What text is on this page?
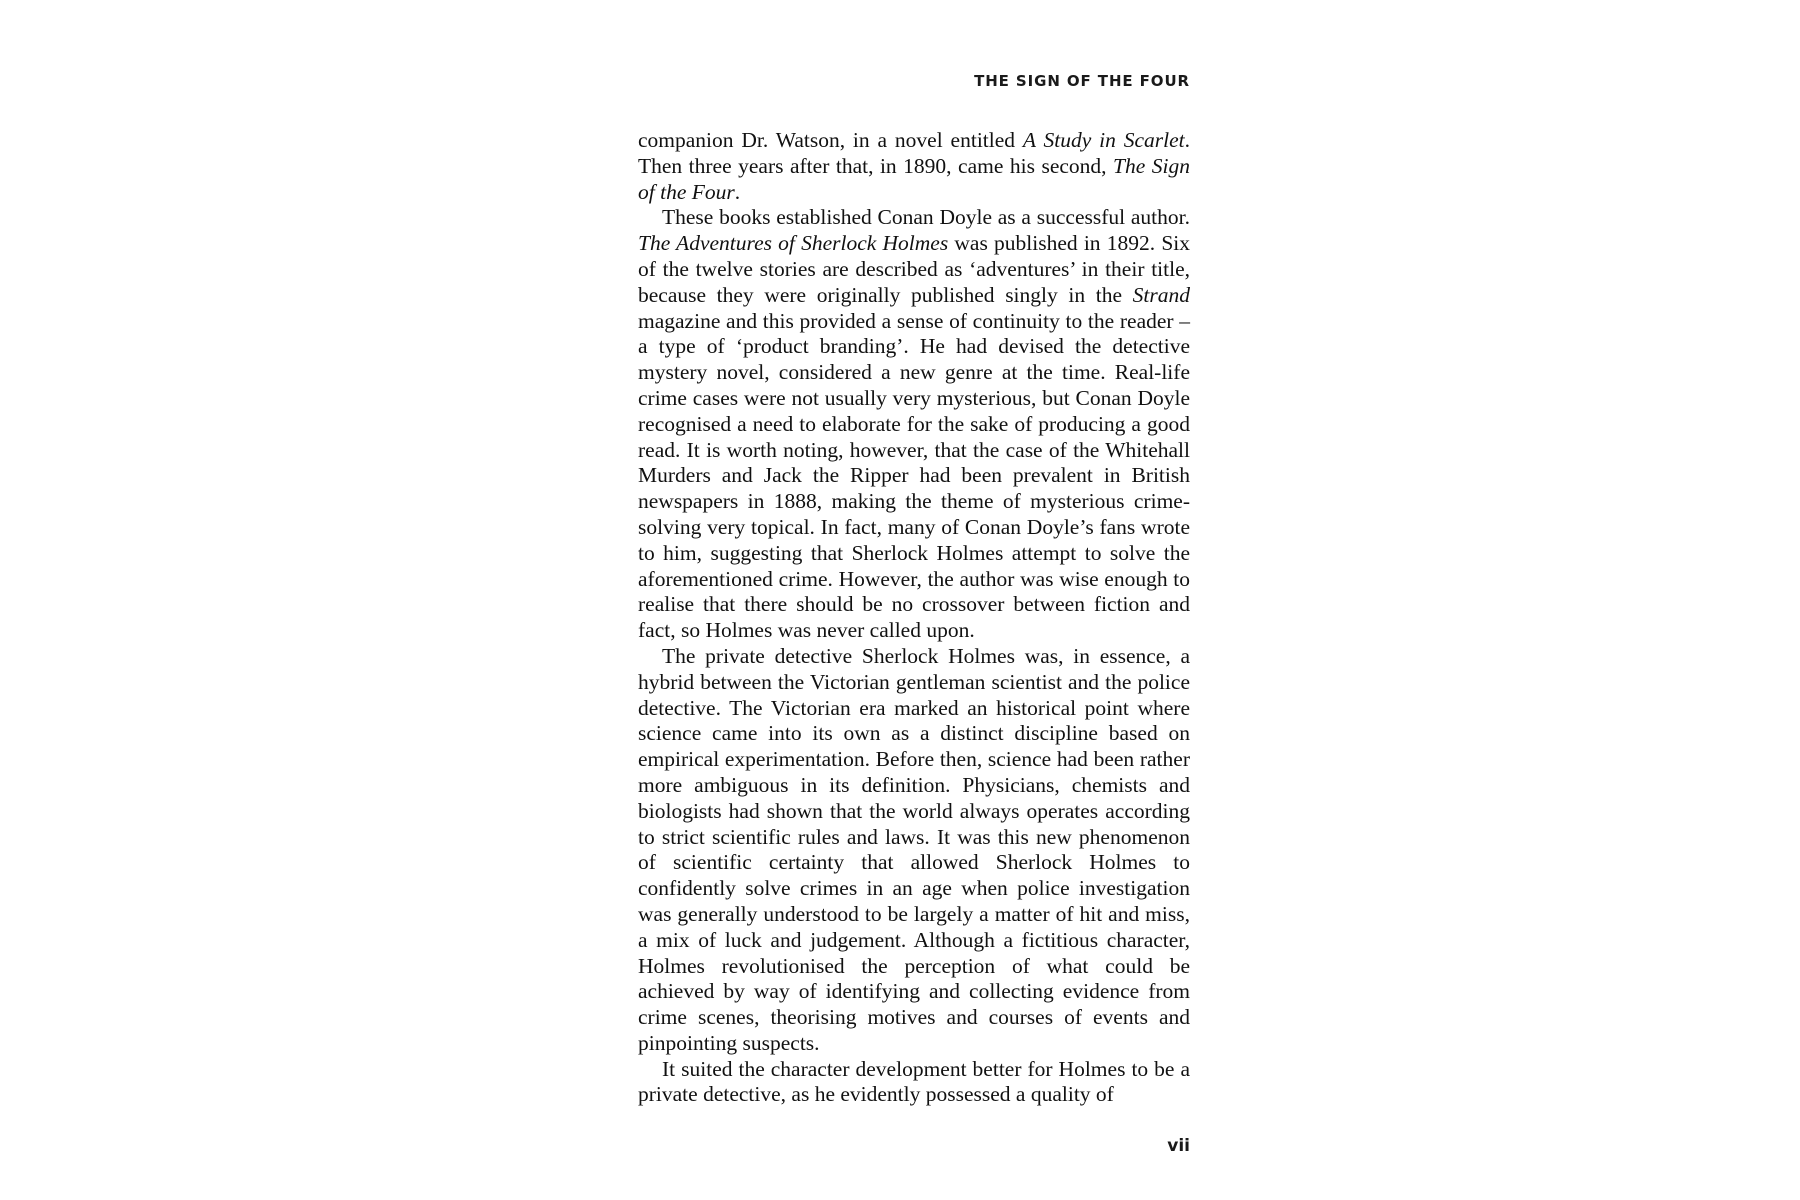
THE SIGN OF THE FOUR

companion Dr. Watson, in a novel entitled A Study in Scarlet. Then three years after that, in 1890, came his second, The Sign of the Four.

These books established Conan Doyle as a successful author. The Adventures of Sherlock Holmes was published in 1892. Six of the twelve stories are described as ‘adventures’ in their title, because they were originally published singly in the Strand magazine and this provided a sense of continuity to the reader – a type of ‘product branding’. He had devised the detective mystery novel, considered a new genre at the time. Real-life crime cases were not usually very mysterious, but Conan Doyle recognised a need to elaborate for the sake of producing a good read. It is worth noting, however, that the case of the Whitehall Murders and Jack the Ripper had been prevalent in British newspapers in 1888, making the theme of mysterious crime-solving very topical. In fact, many of Conan Doyle’s fans wrote to him, suggesting that Sherlock Holmes attempt to solve the aforementioned crime. However, the author was wise enough to realise that there should be no crossover between fiction and fact, so Holmes was never called upon.

The private detective Sherlock Holmes was, in essence, a hybrid between the Victorian gentleman scientist and the police detective. The Victorian era marked an historical point where science came into its own as a distinct discipline based on empirical experimentation. Before then, science had been rather more ambiguous in its definition. Physicians, chemists and biologists had shown that the world always operates according to strict scientific rules and laws. It was this new phenomenon of scientific certainty that allowed Sherlock Holmes to confidently solve crimes in an age when police investigation was generally understood to be largely a matter of hit and miss, a mix of luck and judgement. Although a fictitious character, Holmes revolutionised the perception of what could be achieved by way of identifying and collecting evidence from crime scenes, theorising motives and courses of events and pinpointing suspects.

It suited the character development better for Holmes to be a private detective, as he evidently possessed a quality of

vii
